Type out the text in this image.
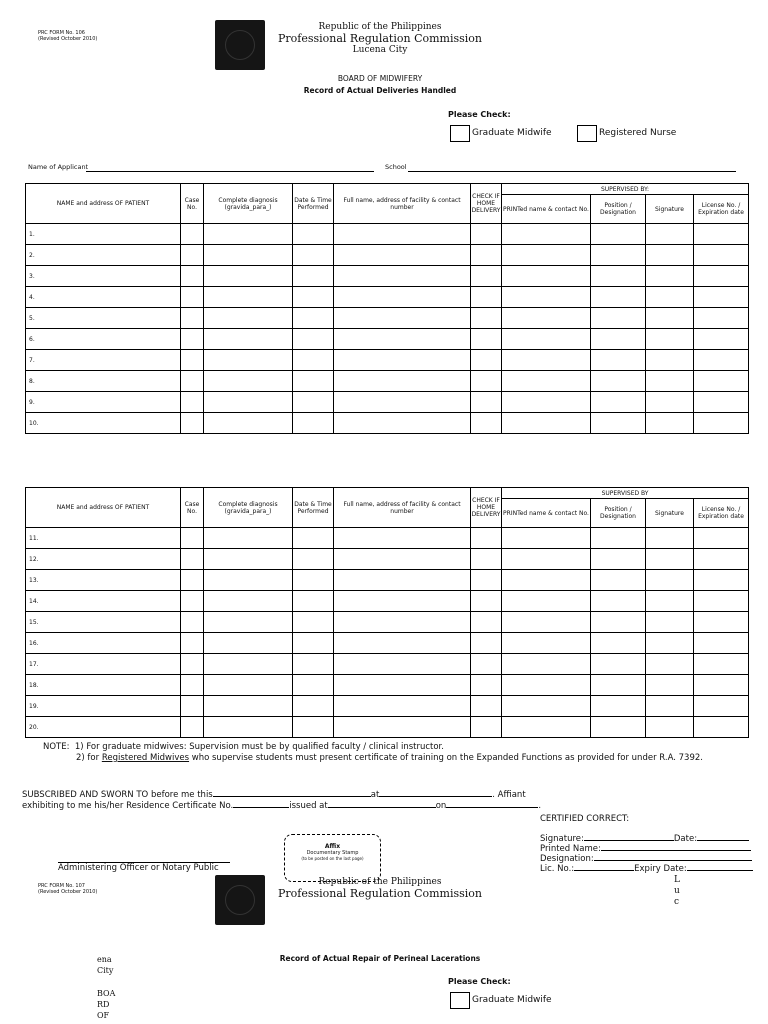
PRC FORM No. 106
(Revised October 2010)
Republic of the Philippines
Professional Regulation Commission
Lucena City
BOARD OF MIDWIFERY
Record of Actual Deliveries Handled
Please Check:
Graduate Midwife	Registered Nurse
Name of Applicant	School
NAME and address OF PATIENT	Case No.	Complete diagnosis (gravida_para_)	Date & Time Performed	Full name, address of facility & contact number	CHECK IF HOME DELIVERY	SUPERVISED BY:			
						PRINTed name & contact No.	Position / Designation	Signature	License No. / Expiration date
1.									
2.									
3.									
4.									
5.									
6.									
7.									
8.									
9.									
10.									
NAME and address OF PATIENT	Case No.	Complete diagnosis (gravida_para_)	Date & Time Performed	Full name, address of facility & contact number	CHECK IF HOME DELIVERY	SUPERVISED BY			
						PRINTed name & contact No.	Position / Designation	Signature	License No. / Expiration date
11.									
12.									
13.									
14.									
15.									
16.									
17.									
18.									
19.									
20.									
NOTE: 1) For graduate midwives: Supervision must be by qualified faculty / clinical instructor.
2) for Registered Midwives who supervise students must present certificate of training on the Expanded Functions as provided for under R.A. 7392.
SUBSCRIBED AND SWORN TO before me this	at	. Affiant
exhibiting to me his/her Residence Certificate No.	issued at	on	.
CERTIFIED CORRECT:
Signature:	Date:
Printed Name:
Designation:
Lic. No.:	Expiry Date:
Affix
Documentary Stamp
(to be posted on the last page)
Administering Officer or Notary Public
PRC FORM No. 107
(Revised October 2010)
Republic of the Philippines
Professional Regulation Commission
L
u
c
ena
City
BOA
RD
OF
Record of Actual Repair of Perineal Lacerations
Please Check:
Graduate Midwife
